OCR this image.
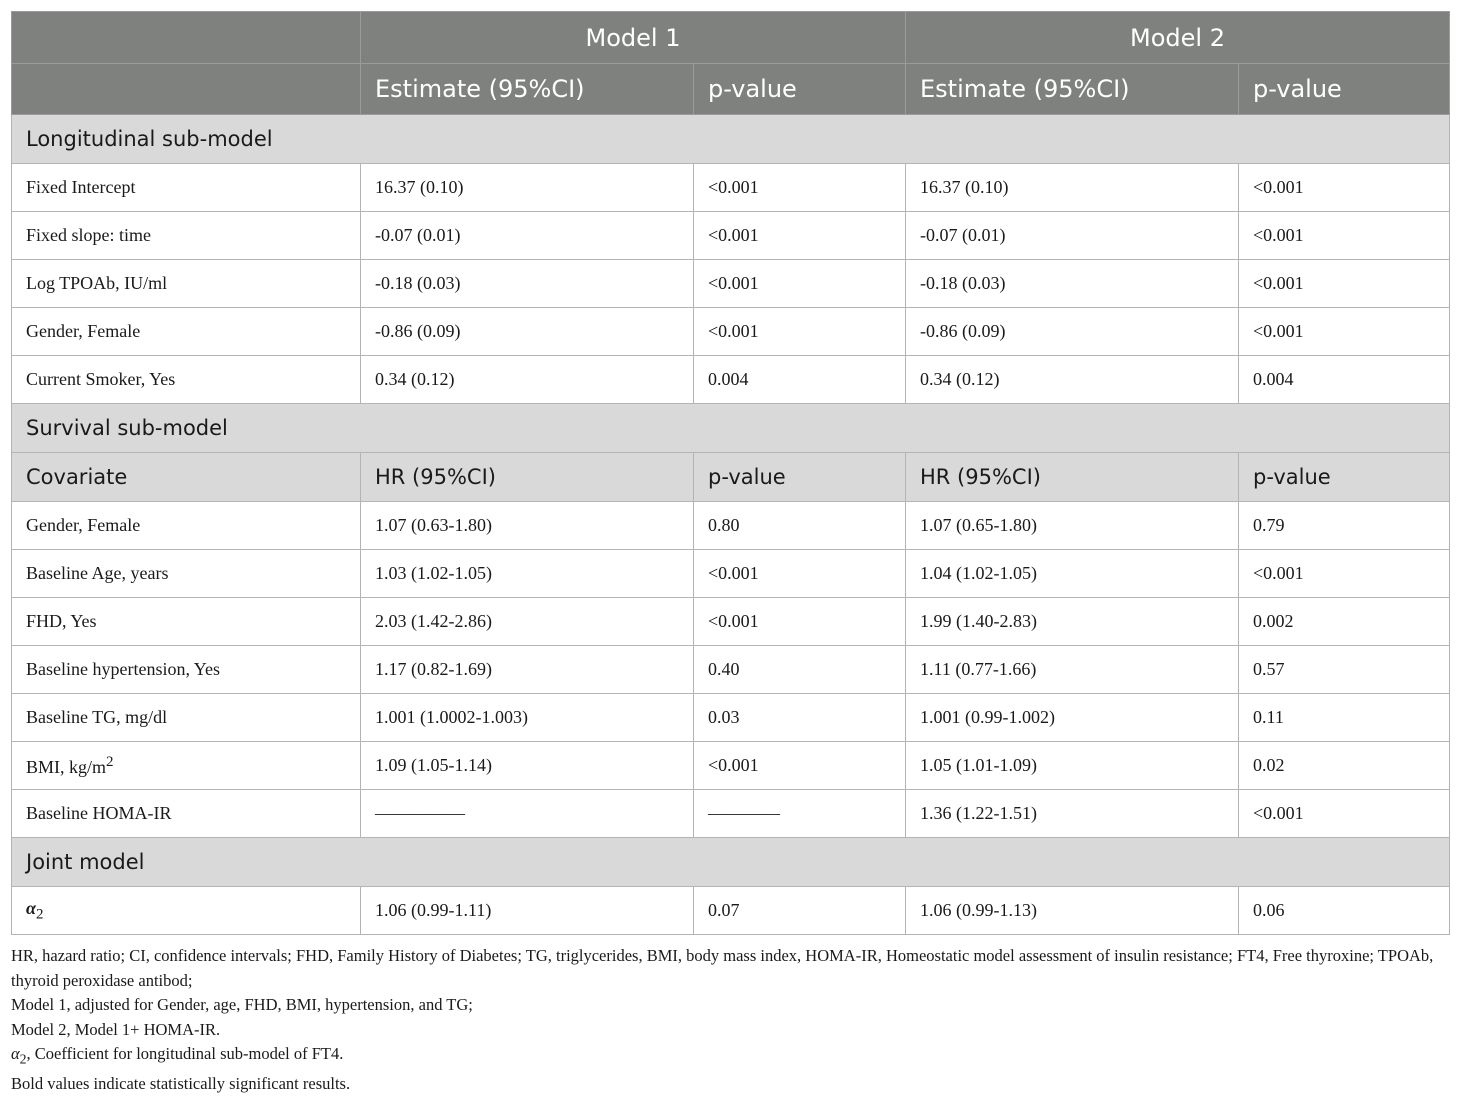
	Model 1		Model 2	
	Estimate (95%CI)	p-value	Estimate (95%CI)	p-value
Longitudinal sub-model				
Fixed Intercept	16.37 (0.10)	<0.001	16.37 (0.10)	<0.001
Fixed slope: time	-0.07 (0.01)	<0.001	-0.07 (0.01)	<0.001
Log TPOAb, IU/ml	-0.18 (0.03)	<0.001	-0.18 (0.03)	<0.001
Gender, Female	-0.86 (0.09)	<0.001	-0.86 (0.09)	<0.001
Current Smoker, Yes	0.34 (0.12)	0.004	0.34 (0.12)	0.004
Survival sub-model				
Covariate	HR (95%CI)	p-value	HR (95%CI)	p-value
Gender, Female	1.07 (0.63-1.80)	0.80	1.07 (0.65-1.80)	0.79
Baseline Age, years	1.03 (1.02-1.05)	<0.001	1.04 (1.02-1.05)	<0.001
FHD, Yes	2.03 (1.42-2.86)	<0.001	1.99 (1.40-2.83)	0.002
Baseline hypertension, Yes	1.17 (0.82-1.69)	0.40	1.11 (0.77-1.66)	0.57
Baseline TG, mg/dl	1.001 (1.0002-1.003)	0.03	1.001 (0.99-1.002)	0.11
BMI, $kg/m^2$	1.09 (1.05-1.14)	<0.001	1.05 (1.01-1.09)	0.02
Baseline HOMA-IR	—————	————	1.36 (1.22-1.51)	<0.001
Joint model				
$\alpha_2$	1.06 (0.99-1.11)	0.07	1.06 (0.99-1.13)	0.06

HR, hazard ratio; CI, confidence intervals; FHD, Family History of Diabetes; TG, triglycerides, BMI, body mass index, HOMA-IR, Homeostatic model assessment of insulin resistance; FT4, Free thyroxine; TPOAb, thyroid peroxidase antibod;

Model 1, adjusted for Gender, age, FHD, BMI, hypertension, and TG;

Model 2, Model 1+ HOMA-IR.

$\alpha_2$, Coefficient for longitudinal sub-model of FT4.

Bold values indicate statistically significant results.
